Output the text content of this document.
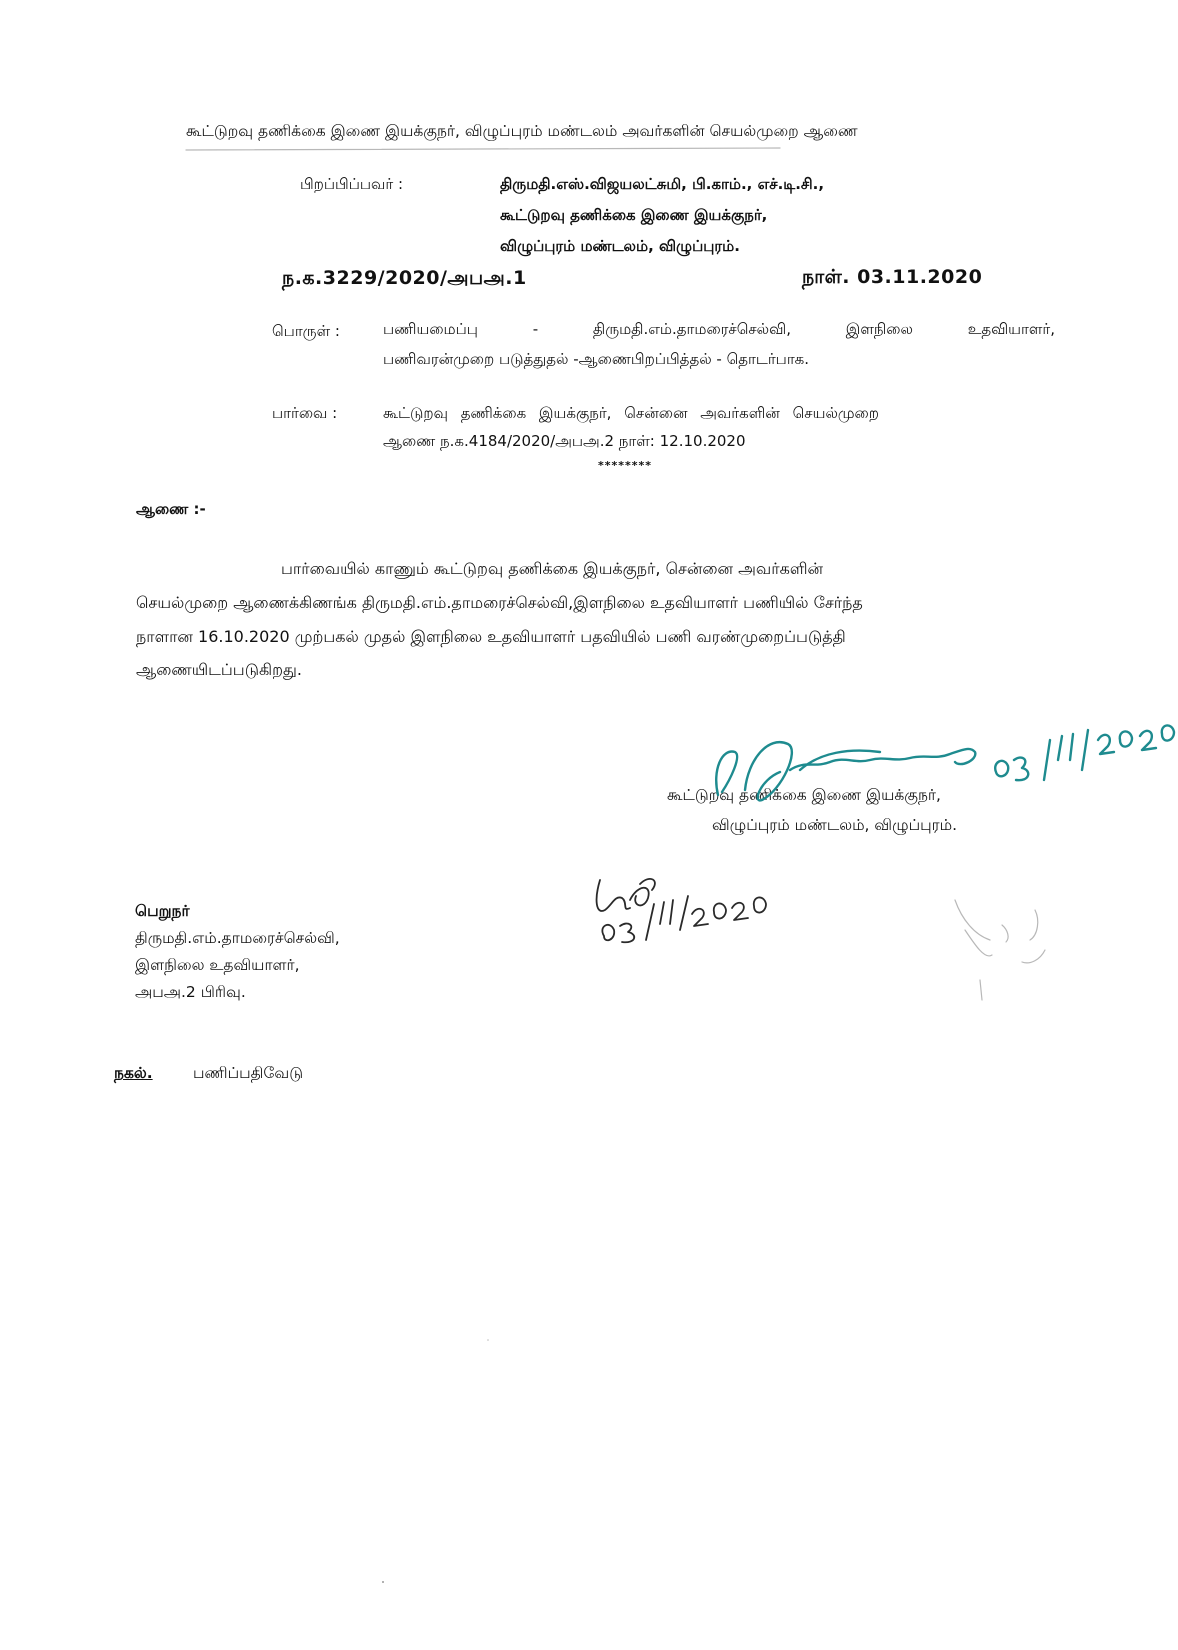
கூட்டுறவு தணிக்கை இணை இயக்குநர், விழுப்புரம் மண்டலம் அவர்களின் செயல்முறை ஆணை
பிறப்பிப்பவர் :	திருமதி.எஸ்.விஜயலட்சுமி, பி.காம்., எச்.டி.சி.,
கூட்டுறவு தணிக்கை இணை இயக்குநர்,
விழுப்புரம் மண்டலம், விழுப்புரம்.
ந.க.3229/2020/அபஅ.1	நாள். 03.11.2020
பொருள் :	பணியமைப்பு - திருமதி.எம்.தாமரைச்செல்வி, இளநிலை உதவியாளர்,
பணிவரன்முறை படுத்துதல் -ஆணைபிறப்பித்தல் - தொடர்பாக.
பார்வை :	கூட்டுறவு தணிக்கை இயக்குநர், சென்னை அவர்களின் செயல்முறை
ஆணை ந.க.4184/2020/அபஅ.2 நாள்: 12.10.2020
********
ஆணை :-
பார்வையில் காணும் கூட்டுறவு தணிக்கை இயக்குநர், சென்னை அவர்களின்
செயல்முறை ஆணைக்கிணங்க திருமதி.எம்.தாமரைச்செல்வி,இளநிலை உதவியாளர் பணியில் சேர்ந்த
நாளான 16.10.2020 முற்பகல் முதல் இளநிலை உதவியாளர் பதவியில் பணி வரண்முறைப்படுத்தி
ஆணையிடப்படுகிறது.
கூட்டுறவு தணிக்கை இணை இயக்குநர்,
விழுப்புரம் மண்டலம், விழுப்புரம்.
பெறுநர்
திருமதி.எம்.தாமரைச்செல்வி,
இளநிலை உதவியாளர்,
அபஅ.2 பிரிவு.
நகல்.	பணிப்பதிவேடு
